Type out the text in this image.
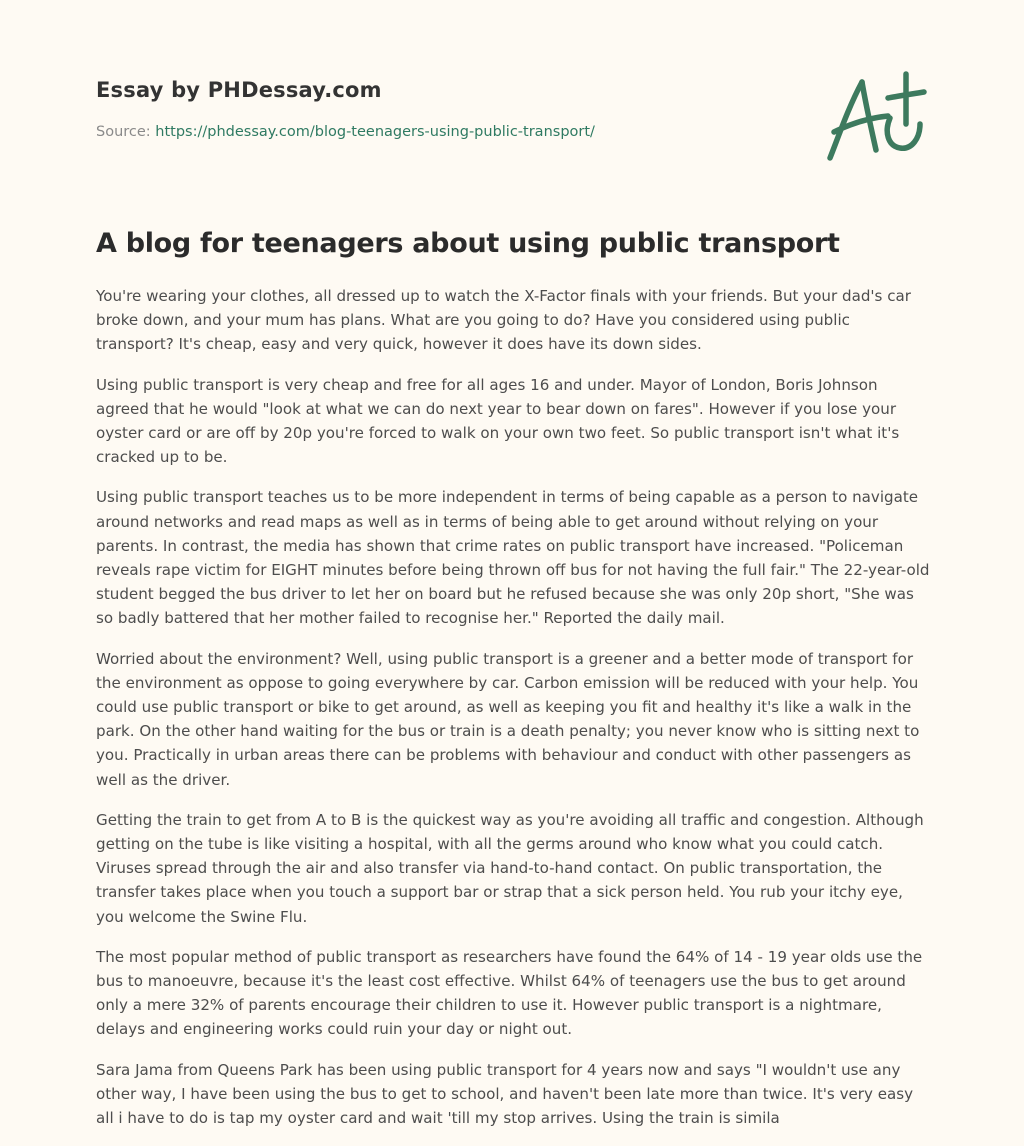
Essay by PHDessay.com
Source: https://phdessay.com/blog-teenagers-using-public-transport/
A blog for teenagers about using public transport

You're wearing your clothes, all dressed up to watch the X-Factor finals with your friends. But your dad's car broke down, and your mum has plans. What are you going to do? Have you considered using public transport? It's cheap, easy and very quick, however it does have its down sides.

Using public transport is very cheap and free for all ages 16 and under. Mayor of London, Boris Johnson agreed that he would "look at what we can do next year to bear down on fares". However if you lose your oyster card or are off by 20p you're forced to walk on your own two feet. So public transport isn't what it's cracked up to be.

Using public transport teaches us to be more independent in terms of being capable as a person to navigate around networks and read maps as well as in terms of being able to get around without relying on your parents. In contrast, the media has shown that crime rates on public transport have increased. "Policeman reveals rape victim for EIGHT minutes before being thrown off bus for not having the full fair." The 22-year-old student begged the bus driver to let her on board but he refused because she was only 20p short, "She was so badly battered that her mother failed to recognise her." Reported the daily mail.

Worried about the environment? Well, using public transport is a greener and a better mode of transport for the environment as oppose to going everywhere by car. Carbon emission will be reduced with your help. You could use public transport or bike to get around, as well as keeping you fit and healthy it's like a walk in the park. On the other hand waiting for the bus or train is a death penalty; you never know who is sitting next to you. Practically in urban areas there can be problems with behaviour and conduct with other passengers as well as the driver.

Getting the train to get from A to B is the quickest way as you're avoiding all traffic and congestion. Although getting on the tube is like visiting a hospital, with all the germs around who know what you could catch. Viruses spread through the air and also transfer via hand-to-hand contact. On public transportation, the transfer takes place when you touch a support bar or strap that a sick person held. You rub your itchy eye, you welcome the Swine Flu.

The most popular method of public transport as researchers have found the 64% of 14 - 19 year olds use the bus to manoeuvre, because it's the least cost effective. Whilst 64% of teenagers use the bus to get around only a mere 32% of parents encourage their children to use it. However public transport is a nightmare, delays and engineering works could ruin your day or night out.

Sara Jama from Queens Park has been using public transport for 4 years now and says "I wouldn't use any other way, I have been using the bus to get to school, and haven't been late more than twice. It's very easy all i have to do is tap my oyster card and wait 'till my stop arrives. Using the train is simila
